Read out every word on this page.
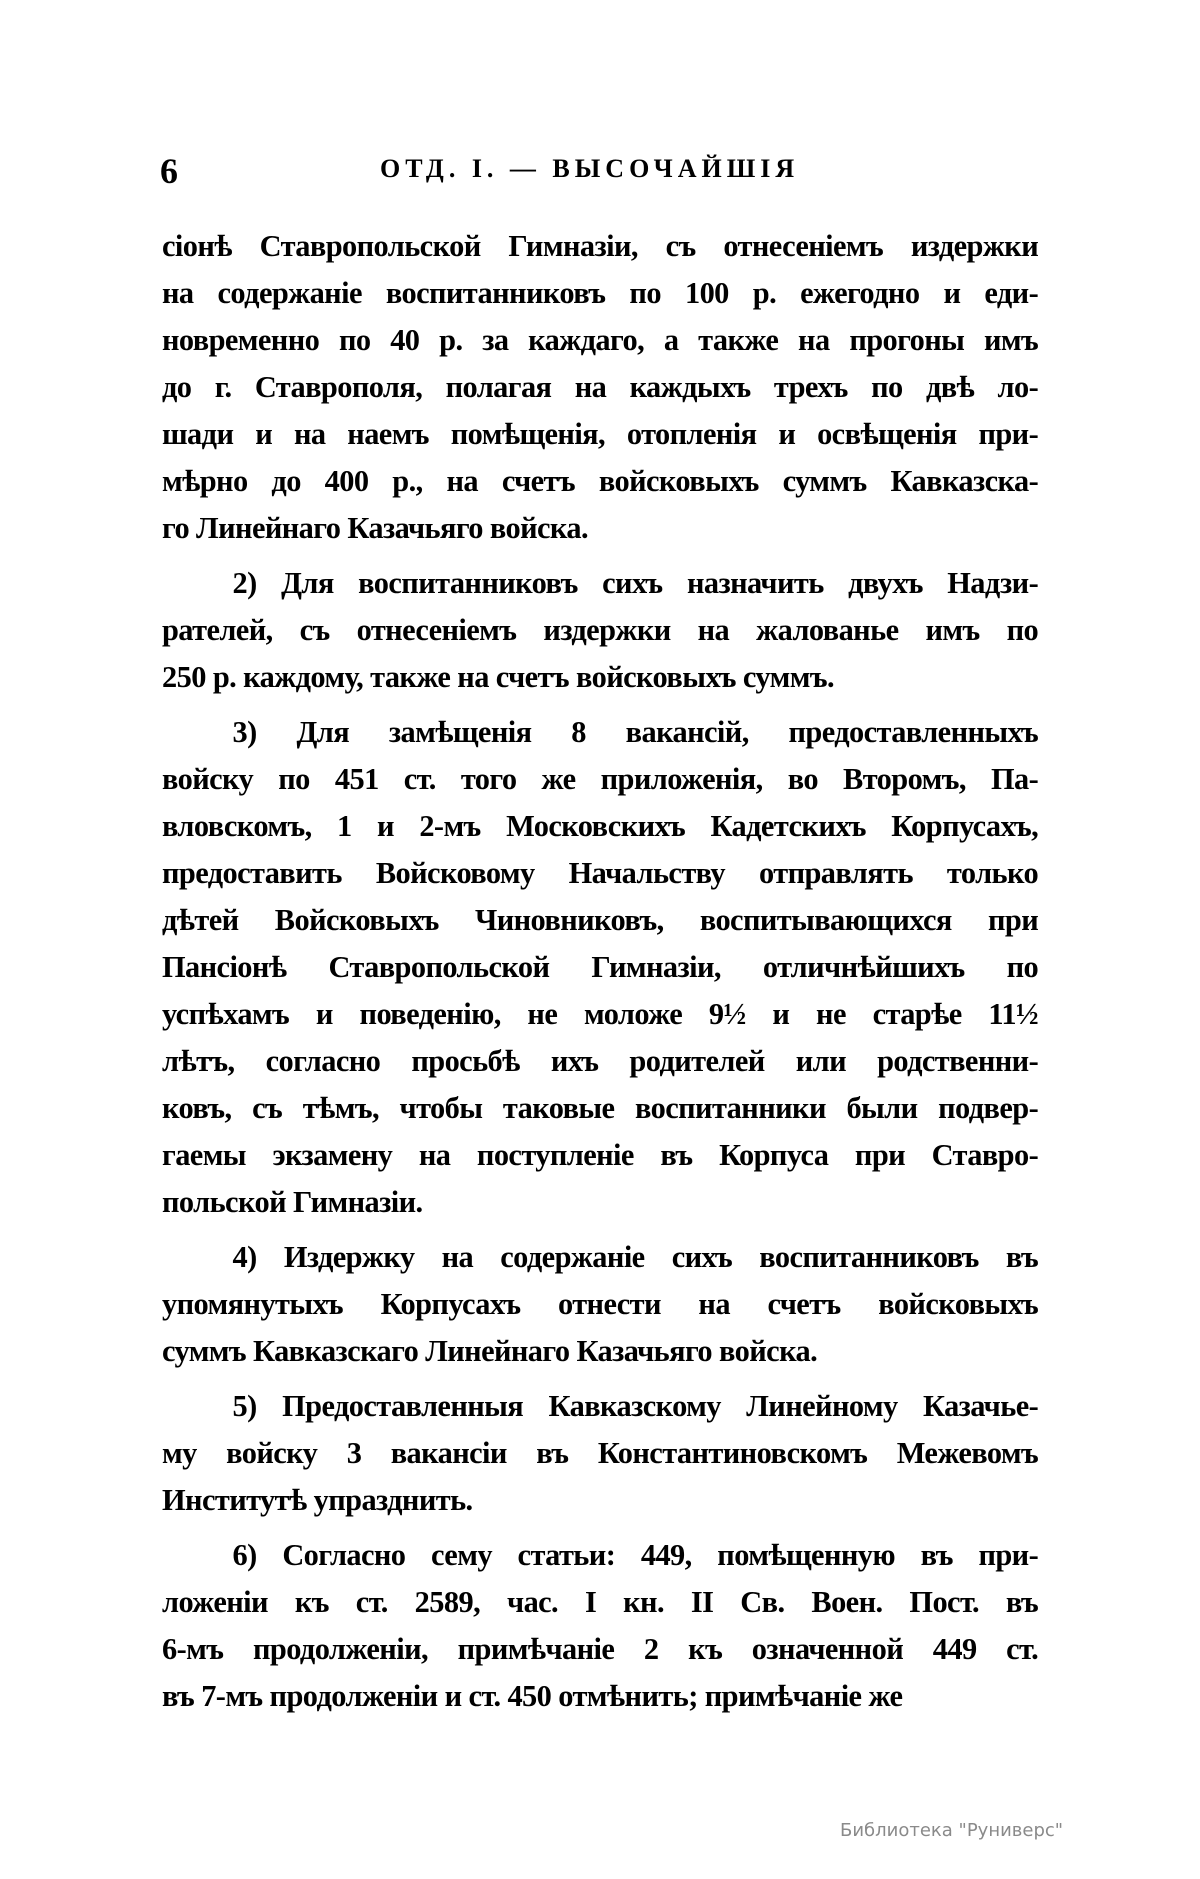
6	ОТД. I. — ВЫСОЧАЙШІЯ
сіонѣ Ставропольской Гимназіи, съ отнесеніемъ издержки
на содержаніе воспитанниковъ по 100 р. ежегодно и еди-
новременно по 40 р. за каждаго, а также на прогоны имъ
до г. Ставрополя, полагая на каждыхъ трехъ по двѣ ло-
шади и на наемъ помѣщенія, отопленія и освѣщенія при-
мѣрно до 400 р., на счетъ войсковыхъ суммъ Кавказска-
го Линейнаго Казачьяго войска.
2) Для воспитанниковъ сихъ назначить двухъ Надзи-
рателей, съ отнесеніемъ издержки на жалованье имъ по
250 р. каждому, также на счетъ войсковыхъ суммъ.
3) Для замѣщенія 8 вакансій, предоставленныхъ
войску по 451 ст. того же приложенія, во Второмъ, Па-
вловскомъ, 1 и 2-мъ Московскихъ Кадетскихъ Корпусахъ,
предоставить Войсковому Начальству отправлять только
дѣтей Войсковыхъ Чиновниковъ, воспитывающихся при
Пансіонѣ Ставропольской Гимназіи, отличнѣйшихъ по
успѣхамъ и поведенію, не моложе 9½ и не старѣе 11½
лѣтъ, согласно просьбѣ ихъ родителей или родственни-
ковъ, съ тѣмъ, чтобы таковые воспитанники были подвер-
гаемы экзамену на поступленіе въ Корпуса при Ставро-
польской Гимназіи.
4) Издержку на содержаніе сихъ воспитанниковъ въ
упомянутыхъ Корпусахъ отнести на счетъ войсковыхъ
суммъ Кавказскаго Линейнаго Казачьяго войска.
5) Предоставленныя Кавказскому Линейному Казачье-
му войску 3 вакансіи въ Константиновскомъ Межевомъ
Институтѣ упразднить.
6) Согласно сему статьи: 449, помѣщенную въ при-
ложеніи къ ст. 2589, час. I кн. II Св. Воен. Пост. въ
6-мъ продолженіи, примѣчаніе 2 къ означенной 449 ст.
въ 7-мъ продолженіи и ст. 450 отмѣнить; примѣчаніе же
Библиотека "Руниверс"
